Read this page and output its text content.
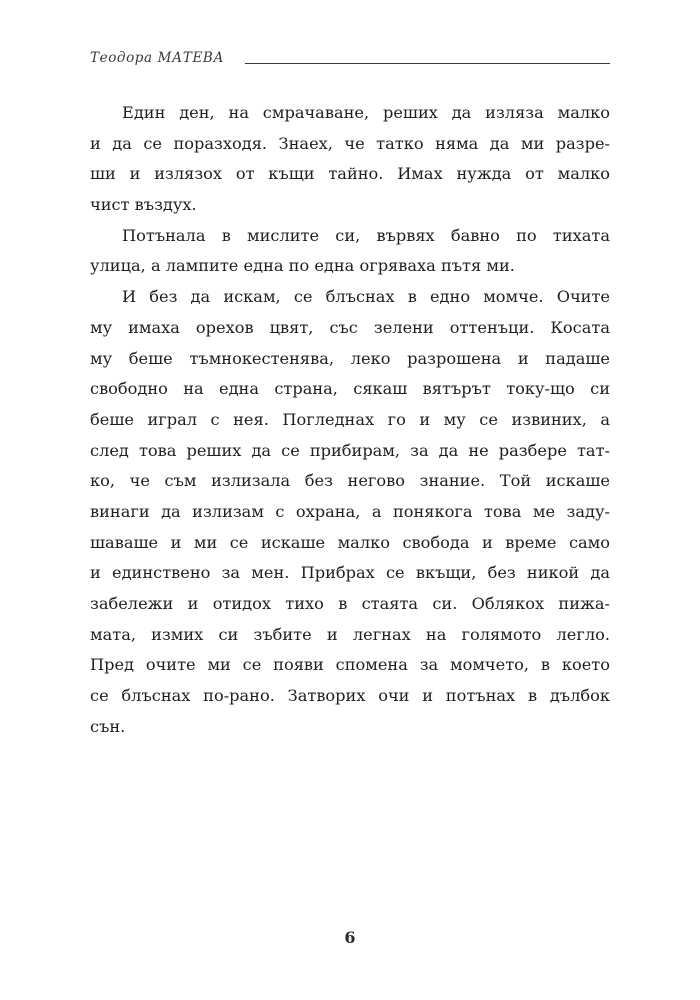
Теодора МАТЕВА
Един ден, на смрачаване, реших да изляза малко
и да се поразходя. Знаех, че татко няма да ми разре-
ши и излязох от къщи тайно. Имах нужда от малко
чист въздух.
Потънала в мислите си, вървях бавно по тихата
улица, а лампите една по една огряваха пътя ми.
И без да искам, се блъснах в едно момче. Очите
му имаха орехов цвят, със зелени оттенъци. Косата
му беше тъмнокестенява, леко разрошена и падаше
свободно на една страна, сякаш вятърът току-що си
беше играл с нея. Погледнах го и му се извиних, а
след това реших да се прибирам, за да не разбере тат-
ко, че съм излизала без негово знание. Той искаше
винаги да излизам с охрана, а понякога това ме заду-
шаваше и ми се искаше малко свобода и време само
и единствено за мен. Прибрах се вкъщи, без никой да
забележи и отидох тихо в стаята си. Облякох пижа-
мата, измих си зъбите и легнах на голямото легло.
Пред очите ми се появи спомена за момчето, в което
се блъснах по-рано. Затворих очи и потънах в дълбок
сън.
6
